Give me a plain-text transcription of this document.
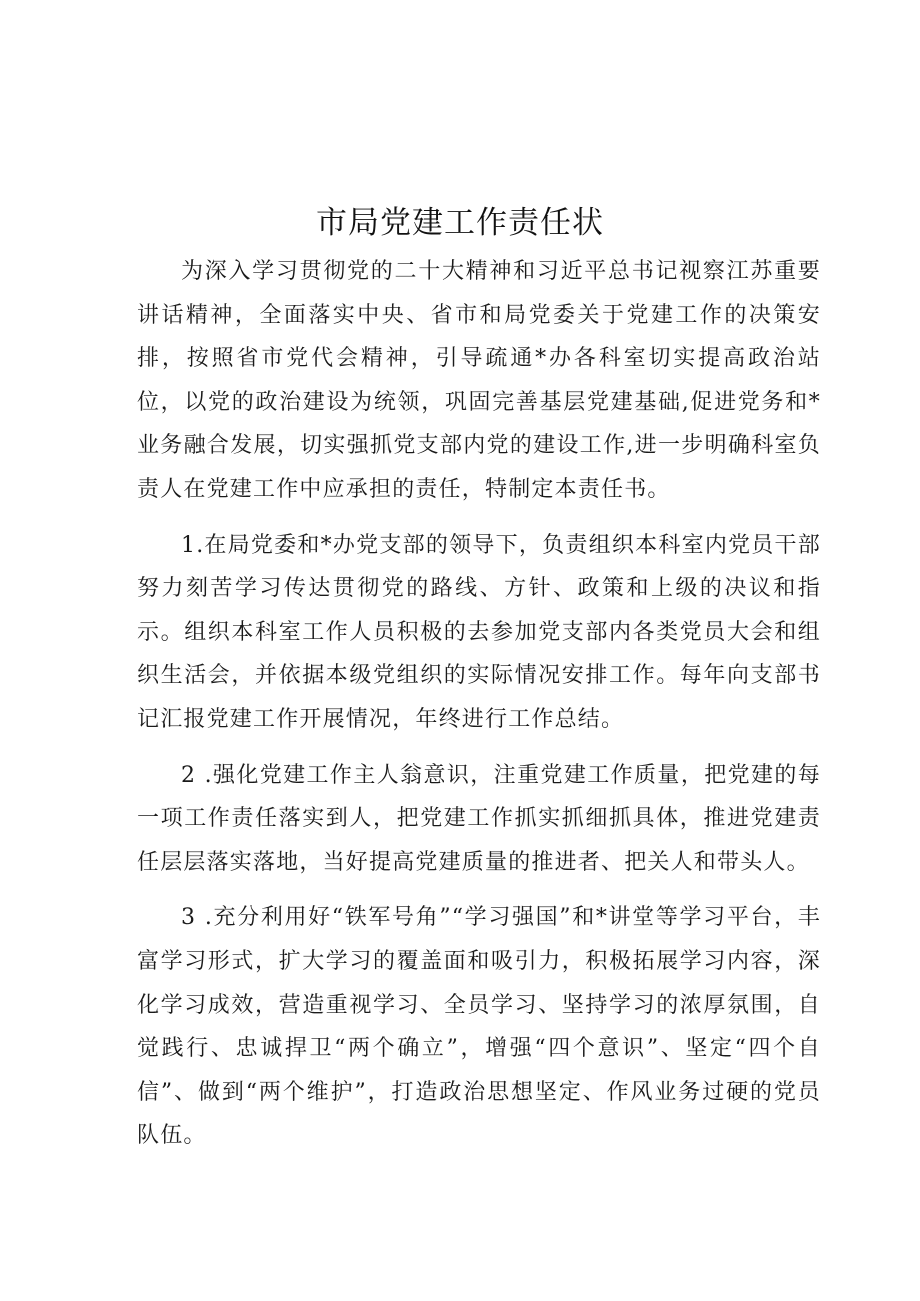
市局党建工作责任状

为深入学习贯彻党的二十大精神和习近平总书记视察江苏重要讲话精神，全面落实中央、省市和局党委关于党建工作的决策安排，按照省市党代会精神，引导疏通*办各科室切实提高政治站位，以党的政治建设为统领，巩固完善基层党建基础,促进党务和*业务融合发展，切实强抓党支部内党的建设工作,进一步明确科室负责人在党建工作中应承担的责任，特制定本责任书。

1.在局党委和*办党支部的领导下，负责组织本科室内党员干部努力刻苦学习传达贯彻党的路线、方针、政策和上级的决议和指示。组织本科室工作人员积极的去参加党支部内各类党员大会和组织生活会，并依据本级党组织的实际情况安排工作。每年向支部书记汇报党建工作开展情况，年终进行工作总结。

2 .强化党建工作主人翁意识，注重党建工作质量，把党建的每一项工作责任落实到人，把党建工作抓实抓细抓具体，推进党建责任层层落实落地，当好提高党建质量的推进者、把关人和带头人。

3 .充分利用好“铁军号角”“学习强国”和*讲堂等学习平台，丰富学习形式，扩大学习的覆盖面和吸引力，积极拓展学习内容，深化学习成效，营造重视学习、全员学习、坚持学习的浓厚氛围，自觉践行、忠诚捍卫“两个确立”，增强“四个意识”、坚定“四个自信”、做到“两个维护”，打造政治思想坚定、作风业务过硬的党员队伍。
